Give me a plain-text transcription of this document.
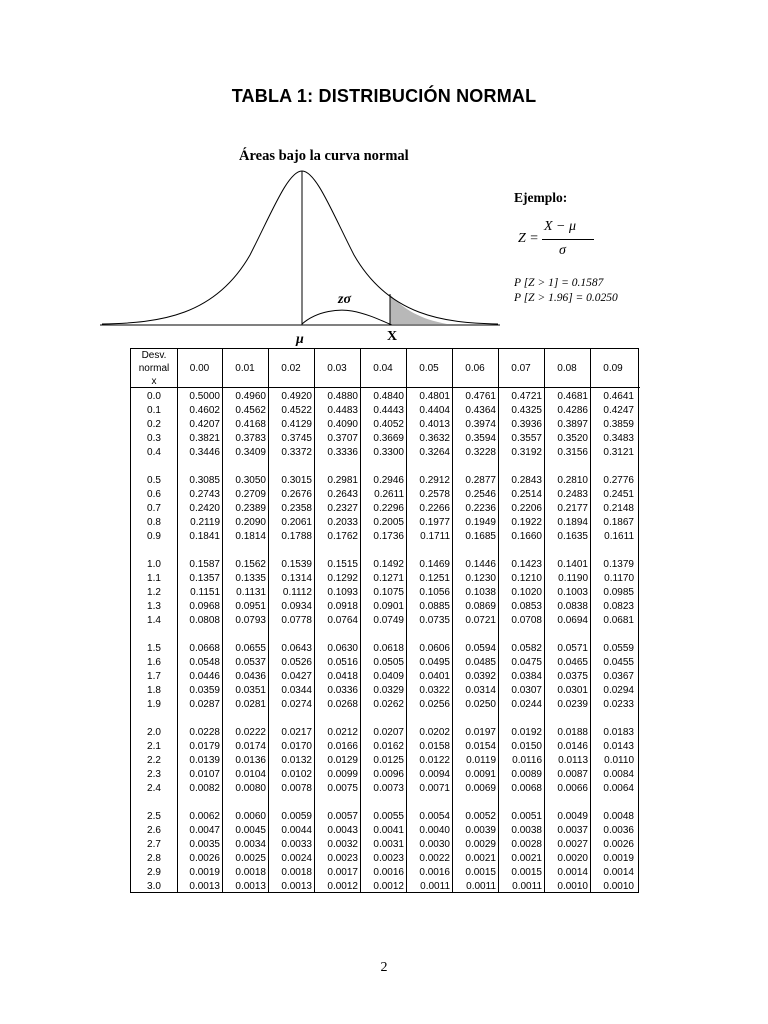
TABLA 1: DISTRIBUCIÓN NORMAL
Áreas bajo la curva normal
zσ
μ	X
Ejemplo:
Z =
X − μ
σ
P [Z > 1] = 0.1587
P [Z > 1.96] = 0.0250
Desv.
normal
x
0.00	0.01	0.02	0.03	0.04	0.05	0.06	0.07	0.08	0.09
0.0	0.5000	0.4960	0.4920	0.4880	0.4840	0.4801	0.4761	0.4721	0.4681	0.4641
0.1	0.4602	0.4562	0.4522	0.4483	0.4443	0.4404	0.4364	0.4325	0.4286	0.4247
0.2	0.4207	0.4168	0.4129	0.4090	0.4052	0.4013	0.3974	0.3936	0.3897	0.3859
0.3	0.3821	0.3783	0.3745	0.3707	0.3669	0.3632	0.3594	0.3557	0.3520	0.3483
0.4	0.3446	0.3409	0.3372	0.3336	0.3300	0.3264	0.3228	0.3192	0.3156	0.3121
0.5	0.3085	0.3050	0.3015	0.2981	0.2946	0.2912	0.2877	0.2843	0.2810	0.2776
0.6	0.2743	0.2709	0.2676	0.2643	0.2611	0.2578	0.2546	0.2514	0.2483	0.2451
0.7	0.2420	0.2389	0.2358	0.2327	0.2296	0.2266	0.2236	0.2206	0.2177	0.2148
0.8	0.2119	0.2090	0.2061	0.2033	0.2005	0.1977	0.1949	0.1922	0.1894	0.1867
0.9	0.1841	0.1814	0.1788	0.1762	0.1736	0.1711	0.1685	0.1660	0.1635	0.1611
1.0	0.1587	0.1562	0.1539	0.1515	0.1492	0.1469	0.1446	0.1423	0.1401	0.1379
1.1	0.1357	0.1335	0.1314	0.1292	0.1271	0.1251	0.1230	0.1210	0.1190	0.1170
1.2	0.1151	0.1131	0.1112	0.1093	0.1075	0.1056	0.1038	0.1020	0.1003	0.0985
1.3	0.0968	0.0951	0.0934	0.0918	0.0901	0.0885	0.0869	0.0853	0.0838	0.0823
1.4	0.0808	0.0793	0.0778	0.0764	0.0749	0.0735	0.0721	0.0708	0.0694	0.0681
1.5	0.0668	0.0655	0.0643	0.0630	0.0618	0.0606	0.0594	0.0582	0.0571	0.0559
1.6	0.0548	0.0537	0.0526	0.0516	0.0505	0.0495	0.0485	0.0475	0.0465	0.0455
1.7	0.0446	0.0436	0.0427	0.0418	0.0409	0.0401	0.0392	0.0384	0.0375	0.0367
1.8	0.0359	0.0351	0.0344	0.0336	0.0329	0.0322	0.0314	0.0307	0.0301	0.0294
1.9	0.0287	0.0281	0.0274	0.0268	0.0262	0.0256	0.0250	0.0244	0.0239	0.0233
2.0	0.0228	0.0222	0.0217	0.0212	0.0207	0.0202	0.0197	0.0192	0.0188	0.0183
2.1	0.0179	0.0174	0.0170	0.0166	0.0162	0.0158	0.0154	0.0150	0.0146	0.0143
2.2	0.0139	0.0136	0.0132	0.0129	0.0125	0.0122	0.0119	0.0116	0.0113	0.0110
2.3	0.0107	0.0104	0.0102	0.0099	0.0096	0.0094	0.0091	0.0089	0.0087	0.0084
2.4	0.0082	0.0080	0.0078	0.0075	0.0073	0.0071	0.0069	0.0068	0.0066	0.0064
2.5	0.0062	0.0060	0.0059	0.0057	0.0055	0.0054	0.0052	0.0051	0.0049	0.0048
2.6	0.0047	0.0045	0.0044	0.0043	0.0041	0.0040	0.0039	0.0038	0.0037	0.0036
2.7	0.0035	0.0034	0.0033	0.0032	0.0031	0.0030	0.0029	0.0028	0.0027	0.0026
2.8	0.0026	0.0025	0.0024	0.0023	0.0023	0.0022	0.0021	0.0021	0.0020	0.0019
2.9	0.0019	0.0018	0.0018	0.0017	0.0016	0.0016	0.0015	0.0015	0.0014	0.0014
3.0	0.0013	0.0013	0.0013	0.0012	0.0012	0.0011	0.0011	0.0011	0.0010	0.0010
2
